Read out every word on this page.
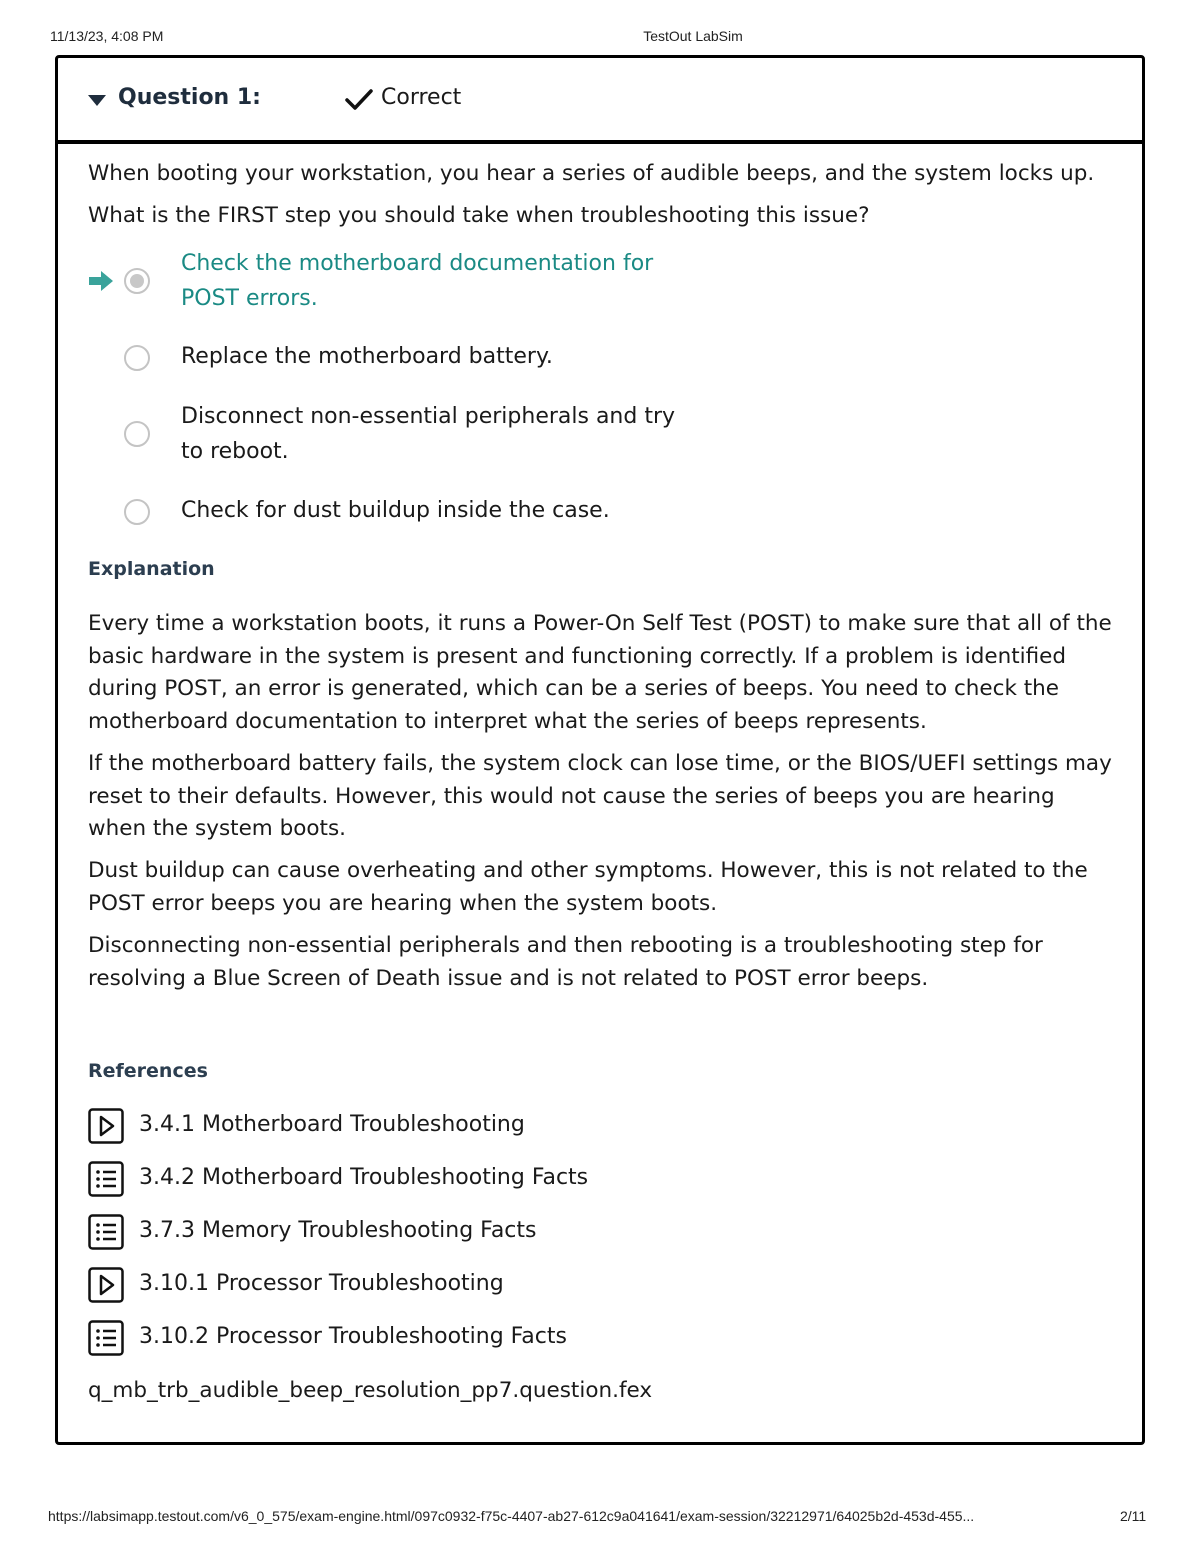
11/13/23, 4:08 PM	TestOut LabSim
Question 1:	Correct
When booting your workstation, you hear a series of audible beeps, and the system locks up.
What is the FIRST step you should take when troubleshooting this issue?
Check the motherboard documentation for POST errors.
Replace the motherboard battery.
Disconnect non-essential peripherals and try to reboot.
Check for dust buildup inside the case.
Explanation
Every time a workstation boots, it runs a Power-On Self Test (POST) to make sure that all of the basic hardware in the system is present and functioning correctly. If a problem is identified during POST, an error is generated, which can be a series of beeps. You need to check the motherboard documentation to interpret what the series of beeps represents.
If the motherboard battery fails, the system clock can lose time, or the BIOS/UEFI settings may reset to their defaults. However, this would not cause the series of beeps you are hearing when the system boots.
Dust buildup can cause overheating and other symptoms. However, this is not related to the POST error beeps you are hearing when the system boots.
Disconnecting non-essential peripherals and then rebooting is a troubleshooting step for resolving a Blue Screen of Death issue and is not related to POST error beeps.
References
3.4.1 Motherboard Troubleshooting
3.4.2 Motherboard Troubleshooting Facts
3.7.3 Memory Troubleshooting Facts
3.10.1 Processor Troubleshooting
3.10.2 Processor Troubleshooting Facts
q_mb_trb_audible_beep_resolution_pp7.question.fex
https://labsimapp.testout.com/v6_0_575/exam-engine.html/097c0932-f75c-4407-ab27-612c9a041641/exam-session/32212971/64025b2d-453d-455...	2/11
